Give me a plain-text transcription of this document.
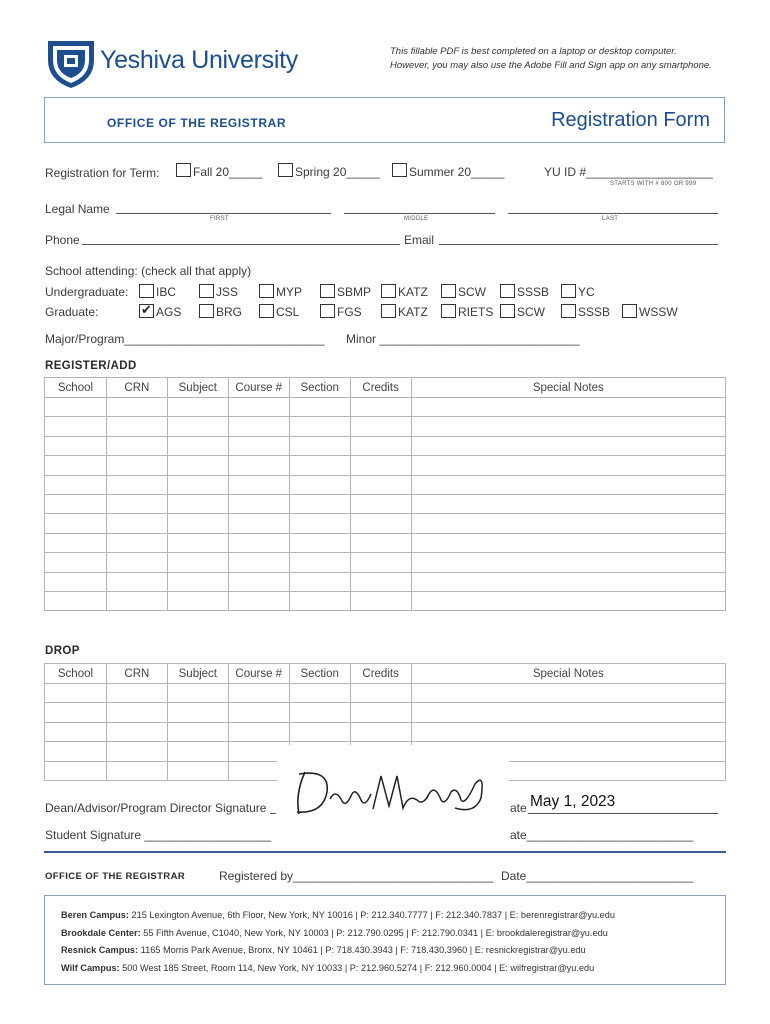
Yeshiva University	This fillable PDF is best completed on a laptop or desktop computer.
However, you may also use the Adobe Fill and Sign app on any smartphone.
OFFICE OF THE REGISTRAR	Registration Form
Registration for Term:	Fall 20_____	Spring 20_____ Summer 20_____	YU ID #___________________
STARTS WITH # 800 OR 999
Legal Name
FIRST	MIDDLE	LAST
Phone	Email
School attending: (check all that apply)
Undergraduate: IBC	JSS	MYP	SBMP KATZ	SCW	SSSB YC
Graduate: ✔	AGS	BRG	CSL	FGS	KATZ	RIETS SCW	SSSB WSSW
Major/Program______________________________ Minor ______________________________
REGISTER/ADD
School	CRN	Subject	Course #	Section	Credits	Special Notes

DROP
School	CRN	Subject	Course #	Section	Credits	Special Notes

Dean/Advisor/Program Director Signature	ate May 1, 2023
Student Signature ___________________	ate_________________________
OFFICE OF THE REGISTRAR	Registered by______________________________ Date_________________________
Beren Campus: 215 Lexington Avenue, 6th Floor, New York, NY 10016 | P: 212.340.7777 | F: 212.340.7837 | E: berenregistrar@yu.edu
Brookdale Center: 55 Fifth Avenue, C1040, New York, NY 10003 | P: 212.790.0295 | F: 212.790.0341 | E: brookdaleregistrar@yu.edu
Resnick Campus: 1165 Morris Park Avenue, Bronx, NY 10461 | P: 718.430.3943 | F: 718.430.3960 | E: resnickregistrar@yu.edu
Wilf Campus: 500 West 185 Street, Room 114, New York, NY 10033 | P: 212.960.5274 | F: 212.960.0004 | E: wilfregistrar@yu.edu
